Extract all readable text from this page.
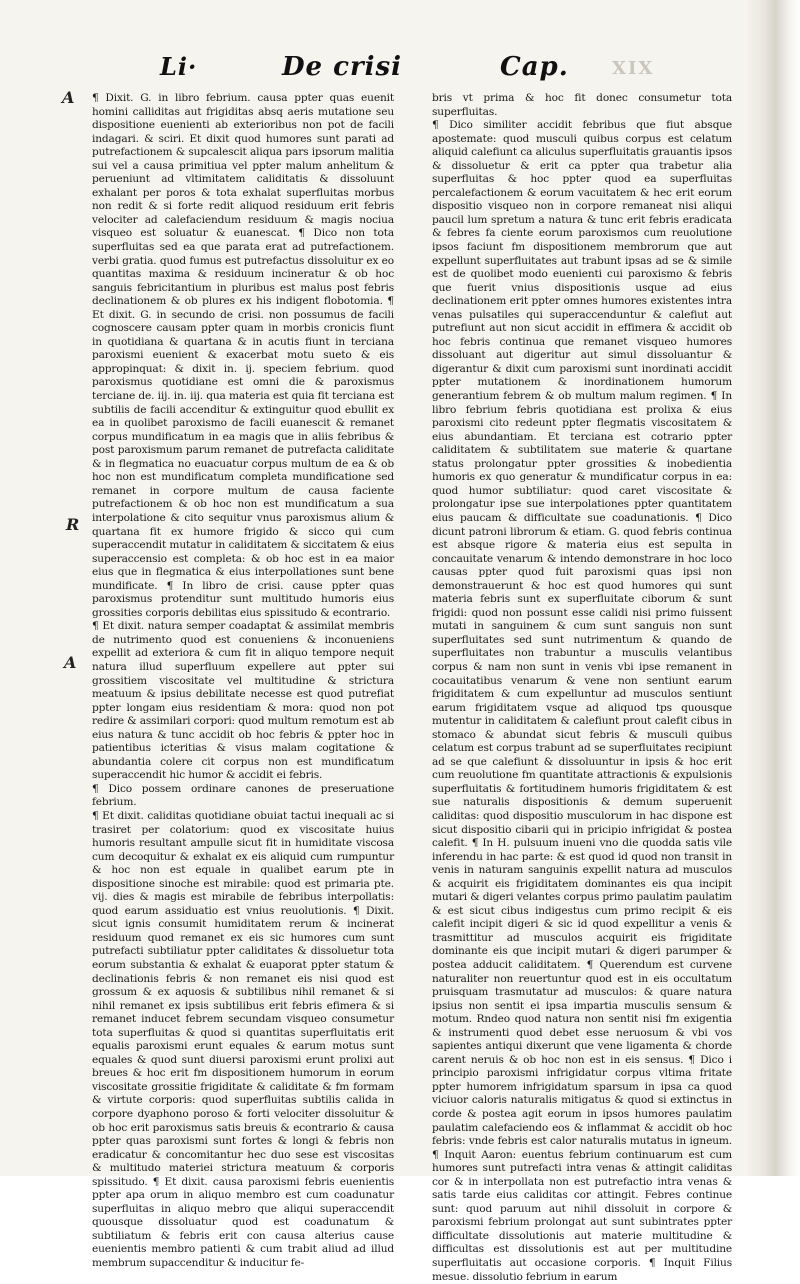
Li·	De crisi	Cap. XIX
A
R
A

¶ Dixit. G. in libro febrium. causa ppter quas euenit homini calliditas aut frigiditas absq aeris mutatione seu dispositione euenienti ab exterioribus non pot de facili indagari. & sciri. Et dixit quod humores sunt parati ad putrefactionem & supcalescit aliqua pars ipsorum malitia sui vel a causa primitiua vel ppter malum anhelitum & perueniunt ad vltimitatem caliditatis & dissoluunt exhalant per poros & tota exhalat superfluitas morbus non redit & si forte redit aliquod residuum erit febris velociter ad calefaciendum residuum & magis nociua visqueo est soluatur & euanescat. ¶ Dico non tota superfluitas sed ea que parata erat ad putrefactionem. verbi gratia. quod fumus est putrefactus dissoluitur ex eo quantitas maxima & residuum incineratur & ob hoc sanguis febricitantium in pluribus est malus post febris declinationem & ob plures ex his indigent flobotomia. ¶ Et dixit. G. in secundo de crisi. non possumus de facili cognoscere causam ppter quam in morbis cronicis fiunt in quotidiana & quartana & in acutis fiunt in terciana paroxismi euenient & exacerbat motu sueto & eis appropinquat: & dixit in. ij. speciem febrium. quod paroxismus quotidiane est omni die & paroxismus terciane de. iij. in. iij. qua materia est quia fit terciana est subtilis de facili accenditur & extinguitur quod ebullit ex ea in quolibet paroxismo de facili euanescit & remanet corpus mundificatum in ea magis que in aliis febribus & post paroxismum parum remanet de putrefacta caliditate & in flegmatica no euacuatur corpus multum de ea & ob hoc non est mundificatum completa mundificatione sed remanet in corpore multum de causa faciente putrefactionem & ob hoc non est mundificatum a sua interpolatione & cito sequitur vnus paroxismus alium & quartana fit ex humore frigido & sicco qui cum superaccendit mutatur in caliditatem & siccitatem & eius superaccensio est completa: & ob hoc est in ea maior eius que in flegmatica & eius interpollationes sunt bene mundificate. ¶ In libro de crisi. cause ppter quas paroxismus protenditur sunt multitudo humoris eius grossities corporis debilitas eius spissitudo & econtrario.

¶ Et dixit. natura semper coadaptat & assimilat membris de nutrimento quod est conueniens & inconueniens expellit ad exteriora & cum fit in aliquo tempore nequit natura illud superfluum expellere aut ppter sui grossitiem viscositate vel multitudine & strictura meatuum & ipsius debilitate necesse est quod putrefiat ppter longam eius residentiam & mora: quod non pot redire & assimilari corpori: quod multum remotum est ab eius natura & tunc accidit ob hoc febris & ppter hoc in patientibus icteritias & visus malam cogitatione & abundantia colere cit corpus non est mundificatum superaccendit hic humor & accidit ei febris.

¶ Dico possem ordinare canones de preseruatione febrium.

¶ Et dixit. caliditas quotidiane obuiat tactui inequali ac si trasiret per colatorium: quod ex viscositate huius humoris resultant ampulle sicut fit in humiditate viscosa cum decoquitur & exhalat ex eis aliquid cum rumpuntur & hoc non est equale in qualibet earum pte in dispositione sinoche est mirabile: quod est primaria pte. vij. dies & magis est mirabile de febribus interpollatis: quod earum assiduatio est vnius reuolutionis. ¶ Dixit. sicut ignis consumit humiditatem rerum & incinerat residuum quod remanet ex eis sic humores cum sunt putrefacti subtiliatur ppter caliditates & dissoluetur tota eorum substantia & exhalat & euaporat ppter statum & declinationis febris & non remanet eis nisi quod est grossum & ex aquosis & subtilibus nihil remanet & si nihil remanet ex ipsis subtilibus erit febris efimera & si remanet inducet febrem secundam visqueo consumetur tota superfluitas & quod si quantitas superfluitatis erit equalis paroxismi erunt equales & earum motus sunt equales & quod sunt diuersi paroxismi erunt prolixi aut breues & hoc erit fm dispositionem humorum in eorum viscositate grossitie frigiditate & caliditate & fm formam & virtute corporis: quod superfluitas subtilis calida in corpore dyaphono poroso & forti velociter dissoluitur & ob hoc erit paroxismus satis breuis & econtrario & causa ppter quas paroxismi sunt fortes & longi & febris non eradicatur & concomitantur hec duo sese est viscositas & multitudo materiei strictura meatuum & corporis spissitudo. ¶ Et dixit. causa paroxismi febris euenientis ppter apa orum in aliquo membro est cum coadunatur superfluitas in aliquo mebro que aliqui superaccendit quousque dissoluatur quod est coadunatum & subtiliatum & febris erit con causa alterius cause euenientis membro patienti & cum trabit aliud ad illud membrum supaccenditur & inducitur fe-

bris vt prima & hoc fit donec consumetur tota superfluitas.

¶ Dico similiter accidit febribus que fiut absque apostemate: quod musculi quibus corpus est celatum aliquid calefiunt ca aliculus superfluitatis grauantis ipsos & dissoluetur & erit ca ppter qua trabetur alia superfluitas & hoc ppter quod ea superfluitas percalefactionem & eorum vacuitatem & hec erit eorum dispositio visqueo non in corpore remaneat nisi aliqui paucil lum spretum a natura & tunc erit febris eradicata & febres fa ciente eorum paroxismos cum reuolutione ipsos faciunt fm dispositionem membrorum que aut expellunt superfluitates aut trabunt ipsas ad se & simile est de quolibet modo euenienti cui paroxismo & febris que fuerit vnius dispositionis usque ad eius declinationem erit ppter omnes humores existentes intra venas pulsatiles qui superaccenduntur & calefiut aut putrefiunt aut non sicut accidit in effimera & accidit ob hoc febris continua que remanet visqueo humores dissoluant aut digeritur aut simul dissoluantur & digerantur & dixit cum paroxismi sunt inordinati accidit ppter mutationem & inordinationem humorum generantium febrem & ob multum malum regimen. ¶ In libro febrium febris quotidiana est prolixa & eius paroxismi cito redeunt ppter flegmatis viscositatem & eius abundantiam. Et terciana est cotrario ppter caliditatem & subtilitatem sue materie & quartane status prolongatur ppter grossities & inobedientia humoris ex quo generatur & mundificatur corpus in ea: quod humor subtiliatur: quod caret viscositate & prolongatur ipse sue interpolationes ppter quantitatem eius paucam & difficultate sue coadunationis. ¶ Dico dicunt patroni librorum & etiam. G. quod febris continua est absque rigore & materia eius est sepulta in concauitate venarum & intendo demonstrare in hoc loco causas ppter quod fuit paroxismi quas ipsi non demonstrauerunt & hoc est quod humores qui sunt materia febris sunt ex superfluitate ciborum & sunt frigidi: quod non possunt esse calidi nisi primo fuissent mutati in sanguinem & cum sunt sanguis non sunt superfluitates sed sunt nutrimentum & quando de superfluitates non trabuntur a musculis velantibus corpus & nam non sunt in venis vbi ipse remanent in cocauitatibus venarum & vene non sentiunt earum frigiditatem & cum expelluntur ad musculos sentiunt earum frigiditatem vsque ad aliquod tps quousque mutentur in caliditatem & calefiunt prout calefit cibus in stomaco & abundat sicut febris & musculi quibus celatum est corpus trabunt ad se superfluitates recipiunt ad se que calefiunt & dissoluuntur in ipsis & hoc erit cum reuolutione fm quantitate attractionis & expulsionis superfluitatis & fortitudinem humoris frigiditatem & est sue naturalis dispositionis & demum superuenit caliditas: quod dispositio musculorum in hac dispone est sicut dispositio cibarii qui in pricipio infrigidat & postea calefit. ¶ In H. pulsuum inueni vno die quodda satis vile inferendu in hac parte: & est quod id quod non transit in venis in naturam sanguinis expellit natura ad musculos & acquirit eis frigiditatem dominantes eis qua incipit mutari & digeri velantes corpus primo paulatim paulatim & est sicut cibus indigestus cum primo recipit & eis calefit incipit digeri & sic id quod expellitur a venis & trasmittitur ad musculos acquirit eis frigiditate dominante eis que incipit mutari & digeri parumper & postea adducit caliditatem. ¶ Querendum est curvene naturaliter non reuertuntur quod est in eis occultatum pruisquam trasmutatur ad musculos: & quare natura ipsius non sentit ei ipsa impartia musculis sensum & motum. Rndeo quod natura non sentit nisi fm exigentia & instrumenti quod debet esse neruosum & vbi vos sapientes antiqui dixerunt que vene ligamenta & chorde carent neruis & ob hoc non est in eis sensus. ¶ Dico i principio paroxismi infrigidatur corpus vltima fritate ppter humorem infrigidatum sparsum in ipsa ca quod viciuor caloris naturalis mitigatus & quod si extinctus in corde & postea agit eorum in ipsos humores paulatim paulatim calefaciendo eos & inflammat & accidit ob hoc febris: vnde febris est calor naturalis mutatus in igneum. ¶ Inquit Aaron: euentus febrium continuarum est cum humores sunt putrefacti intra venas & attingit caliditas cor & in interpollata non est putrefactio intra venas & satis tarde eius caliditas cor attingit. Febres continue sunt: quod paruum aut nihil dissoluit in corpore & paroxismi febrium prolongat aut sunt subintrates ppter difficultate dissolutionis aut materie multitudine & difficultas est dissolutionis est aut per multitudine superfluitatis aut occasione corporis. ¶ Inquit Filius mesue. dissolutio febrium in earum
